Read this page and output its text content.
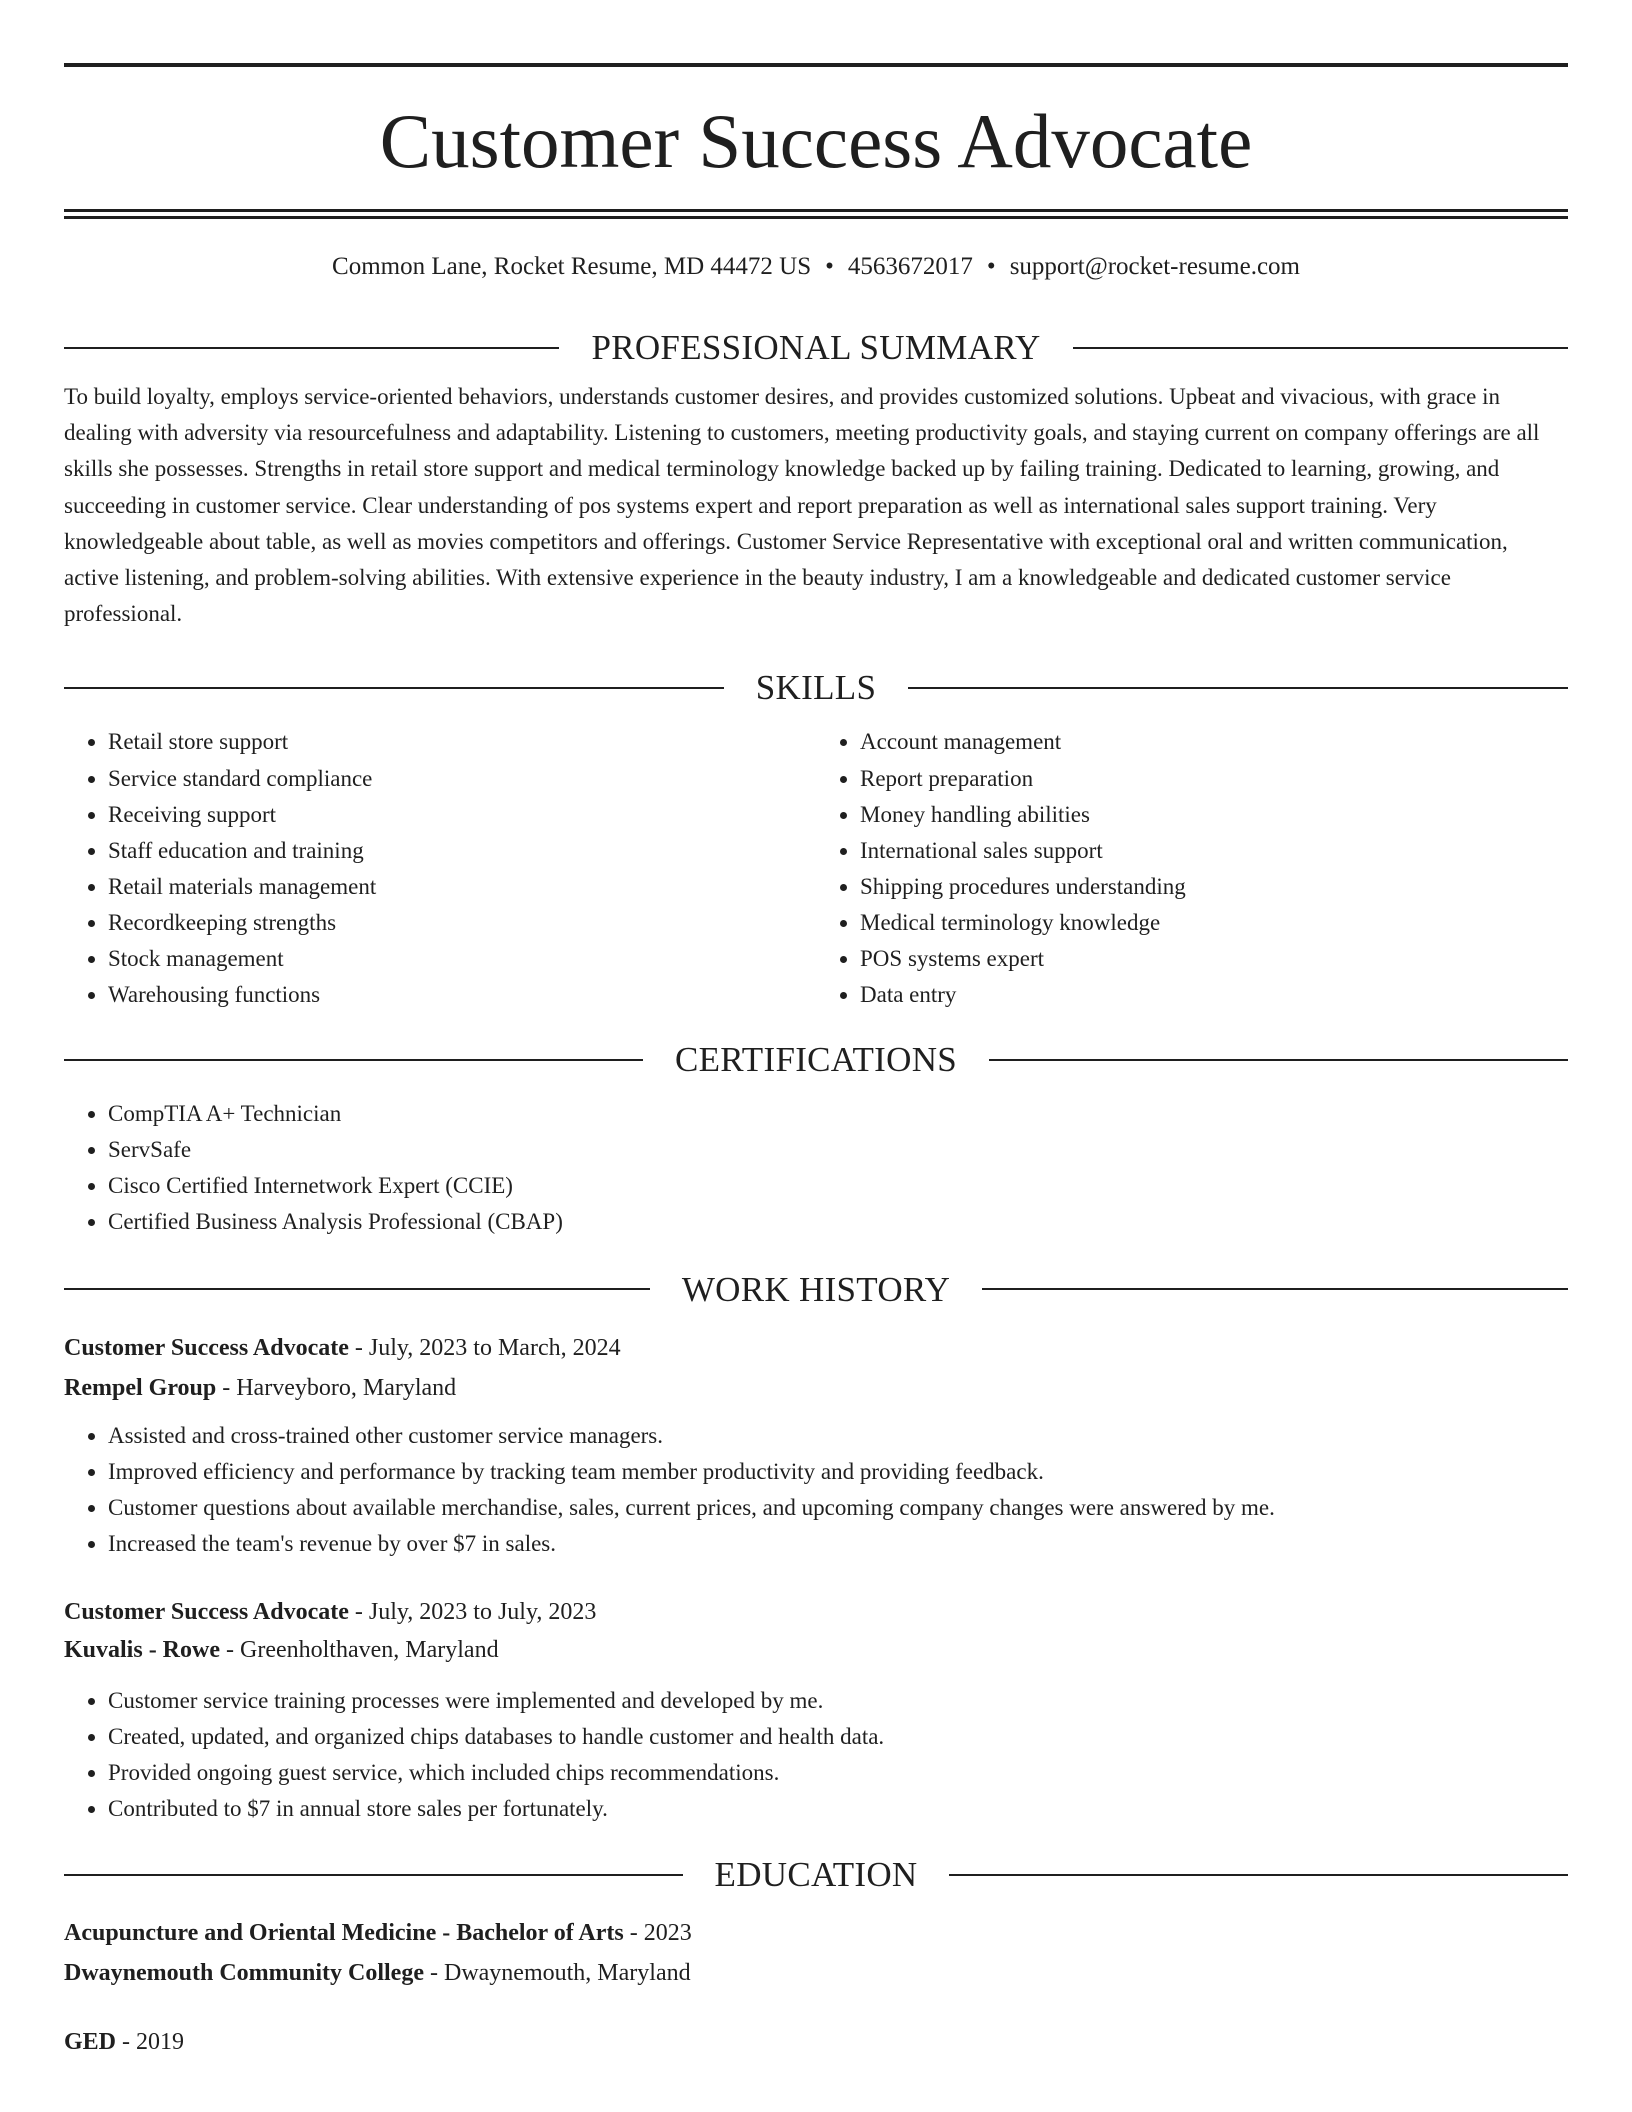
Customer Success Advocate
Common Lane, Rocket Resume, MD 44472 US • 4563672017 • support@rocket-resume.com
PROFESSIONAL SUMMARY

To build loyalty, employs service-oriented behaviors, understands customer desires, and provides customized solutions. Upbeat and vivacious, with grace in dealing with adversity via resourcefulness and adaptability. Listening to customers, meeting productivity goals, and staying current on company offerings are all skills she possesses. Strengths in retail store support and medical terminology knowledge backed up by failing training. Dedicated to learning, growing, and succeeding in customer service. Clear understanding of pos systems expert and report preparation as well as international sales support training. Very knowledgeable about table, as well as movies competitors and offerings. Customer Service Representative with exceptional oral and written communication, active listening, and problem-solving abilities. With extensive experience in the beauty industry, I am a knowledgeable and dedicated customer service professional.

SKILLS
• Retail store support
• Service standard compliance
• Receiving support
• Staff education and training
• Retail materials management
• Recordkeeping strengths
• Stock management
• Warehousing functions
• Account management
• Report preparation
• Money handling abilities
• International sales support
• Shipping procedures understanding
• Medical terminology knowledge
• POS systems expert
• Data entry
CERTIFICATIONS
• CompTIA A+ Technician
• ServSafe
• Cisco Certified Internetwork Expert (CCIE)
• Certified Business Analysis Professional (CBAP)
WORK HISTORY
Customer Success Advocate - July, 2023 to March, 2024
Rempel Group - Harveyboro, Maryland
• Assisted and cross-trained other customer service managers.
• Improved efficiency and performance by tracking team member productivity and providing feedback.
• Customer questions about available merchandise, sales, current prices, and upcoming company changes were answered by me.
• Increased the team's revenue by over $7 in sales.
Customer Success Advocate - July, 2023 to July, 2023
Kuvalis - Rowe - Greenholthaven, Maryland
• Customer service training processes were implemented and developed by me.
• Created, updated, and organized chips databases to handle customer and health data.
• Provided ongoing guest service, which included chips recommendations.
• Contributed to $7 in annual store sales per fortunately.
EDUCATION
Acupuncture and Oriental Medicine - Bachelor of Arts - 2023
Dwaynemouth Community College - Dwaynemouth, Maryland
GED - 2019
